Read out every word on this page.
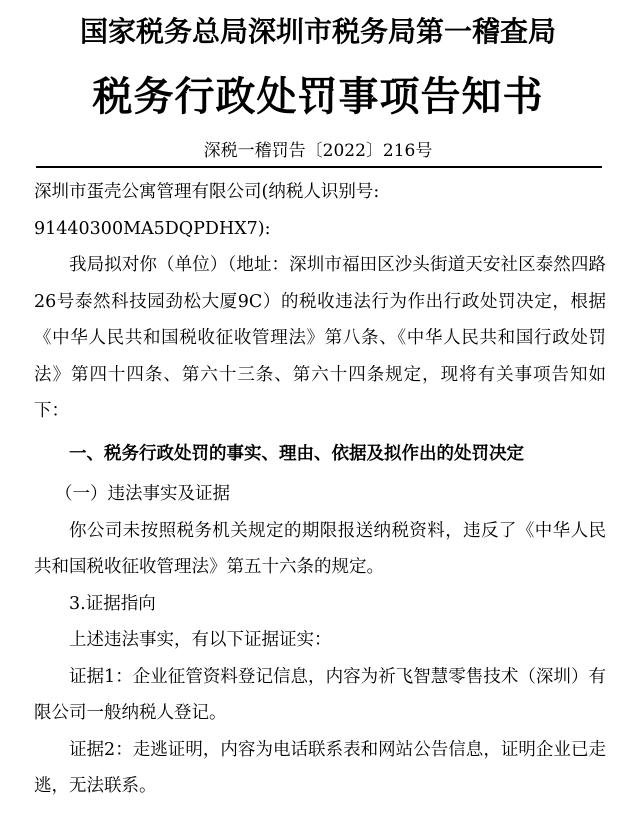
国家税务总局深圳市税务局第一稽查局
税务行政处罚事项告知书
深税一稽罚告〔2022〕216号

深圳市蛋壳公寓管理有限公司(纳税人识别号:

91440300MA5DQPDHX7):

我局拟对你（单位）（地址：深圳市福田区沙头街道天安社区泰然四路26号泰然科技园劲松大厦9C）的税收违法行为作出行政处罚决定，根据《中华人民共和国税收征收管理法》第八条、《中华人民共和国行政处罚法》第四十四条、第六十三条、第六十四条规定，现将有关事项告知如下：

一、税务行政处罚的事实、理由、依据及拟作出的处罚决定

（一）违法事实及证据

你公司未按照税务机关规定的期限报送纳税资料，违反了《中华人民共和国税收征收管理法》第五十六条的规定。

3.证据指向

上述违法事实，有以下证据证实：

证据1：企业征管资料登记信息，内容为祈飞智慧零售技术（深圳）有限公司一般纳税人登记。

证据2：走逃证明，内容为电话联系表和网站公告信息，证明企业已走逃，无法联系。
